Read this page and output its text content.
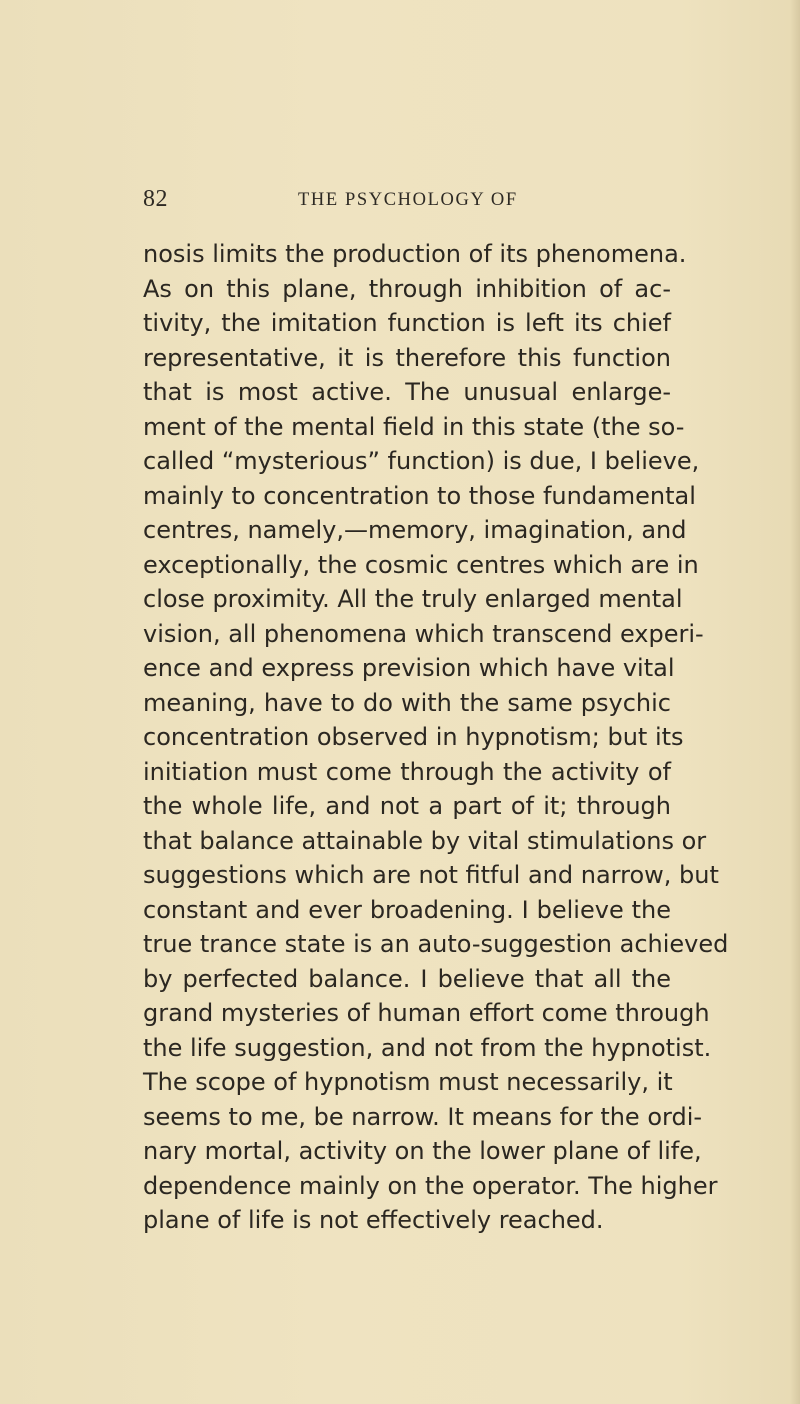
82	THE PSYCHOLOGY OF
nosis limits the production of its phenomena.
As on this plane, through inhibition of ac-
tivity, the imitation function is left its chief
representative, it is therefore this function
that is most active. The unusual enlarge-
ment of the mental field in this state (the so-
called “mysterious” function) is due, I believe,
mainly to concentration to those fundamental
centres, namely,—memory, imagination, and
exceptionally, the cosmic centres which are in
close proximity. All the truly enlarged mental
vision, all phenomena which transcend experi-
ence and express prevision which have vital
meaning, have to do with the same psychic
concentration observed in hypnotism; but its
initiation must come through the activity of
the whole life, and not a part of it; through
that balance attainable by vital stimulations or
suggestions which are not fitful and narrow, but
constant and ever broadening. I believe the
true trance state is an auto-suggestion achieved
by perfected balance. I believe that all the
grand mysteries of human effort come through
the life suggestion, and not from the hypnotist.
The scope of hypnotism must necessarily, it
seems to me, be narrow. It means for the ordi-
nary mortal, activity on the lower plane of life,
dependence mainly on the operator. The higher
plane of life is not effectively reached.
